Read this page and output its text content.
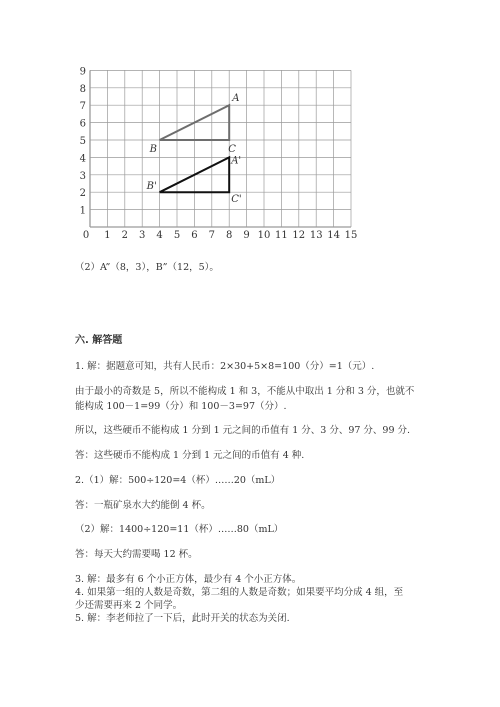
0 1 2 3 4 5 6 7 8 9 10 11 12 13 14 15
1
2
3
4
5
6
7
8
9
B
A
C
B'
A'
C'
（2）A”（8，3），B”（12，5）。
六. 解答题
1. 解：据题意可知，共有人民币：2×30+5×8=100（分）=1（元）.
由于最小的奇数是 5，所以不能构成 1 和 3，不能从中取出 1 分和 3 分，也就不
能构成 100－1=99（分）和 100－3=97（分）.
所以，这些硬币不能构成 1 分到 1 元之间的币值有 1 分、3 分、97 分、99 分.
答：这些硬币不能构成 1 分到 1 元之间的币值有 4 种.
2.（1）解：500÷120=4（杯）……20（mL）
答：一瓶矿泉水大约能倒 4 杯。
（2）解：1400÷120=11（杯）……80（mL）
答：每天大约需要喝 12 杯。
3. 解：最多有 6 个小正方体，最少有 4 个小正方体。
4. 如果第一组的人数是奇数，第二组的人数是奇数；如果要平均分成 4 组，至
少还需要再来 2 个同学。
5. 解：李老师拉了一下后，此时开关的状态为关闭.
